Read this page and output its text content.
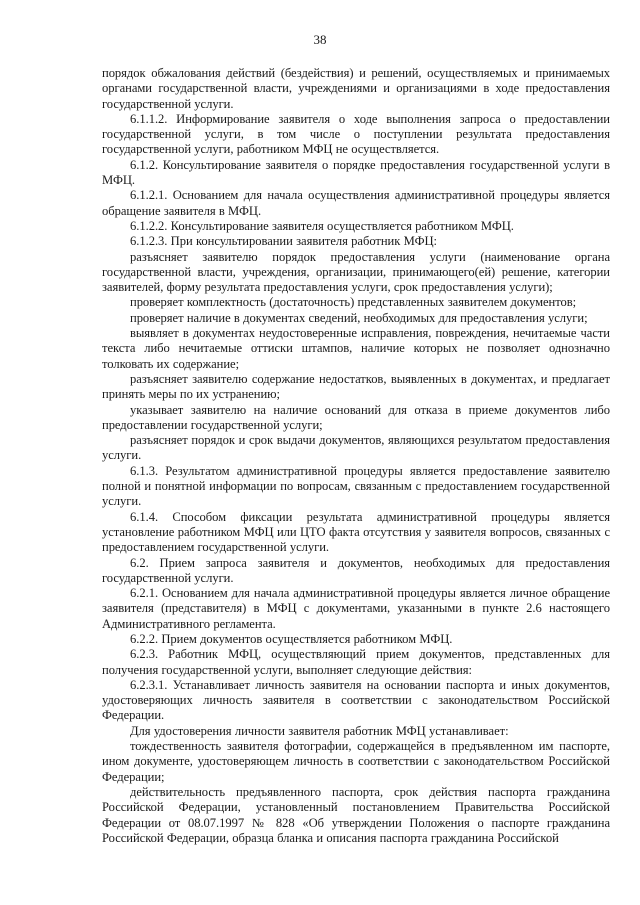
38

порядок обжалования действий (бездействия) и решений, осуществляемых и принимаемых органами государственной власти, учреждениями и организациями в ходе предоставления государственной услуги.

6.1.1.2. Информирование заявителя о ходе выполнения запроса о предоставлении государственной услуги, в том числе о поступлении результата предоставления государственной услуги, работником МФЦ не осуществляется.

6.1.2. Консультирование заявителя о порядке предоставления государственной услуги в МФЦ.

6.1.2.1. Основанием для начала осуществления административной процедуры является обращение заявителя в МФЦ.

6.1.2.2. Консультирование заявителя осуществляется работником МФЦ.

6.1.2.3. При консультировании заявителя работник МФЦ:

разъясняет заявителю порядок предоставления услуги (наименование органа государственной власти, учреждения, организации, принимающего(ей) решение, категории заявителей, форму результата предоставления услуги, срок предоставления услуги);

проверяет комплектность (достаточность) представленных заявителем документов;

проверяет наличие в документах сведений, необходимых для предоставления услуги;

выявляет в документах неудостоверенные исправления, повреждения, нечитаемые части текста либо нечитаемые оттиски штампов, наличие которых не позволяет однозначно толковать их содержание;

разъясняет заявителю содержание недостатков, выявленных в документах, и предлагает принять меры по их устранению;

указывает заявителю на наличие оснований для отказа в приеме документов либо предоставлении государственной услуги;

разъясняет порядок и срок выдачи документов, являющихся результатом предоставления услуги.

6.1.3. Результатом административной процедуры является предоставление заявителю полной и понятной информации по вопросам, связанным с предоставлением государственной услуги.

6.1.4. Способом фиксации результата административной процедуры является установление работником МФЦ или ЦТО факта отсутствия у заявителя вопросов, связанных с предоставлением государственной услуги.

6.2. Прием запроса заявителя и документов, необходимых для предоставления государственной услуги.

6.2.1. Основанием для начала административной процедуры является личное обращение заявителя (представителя) в МФЦ с документами, указанными в пункте 2.6 настоящего Административного регламента.

6.2.2. Прием документов осуществляется работником МФЦ.

6.2.3. Работник МФЦ, осуществляющий прием документов, представленных для получения государственной услуги, выполняет следующие действия:

6.2.3.1. Устанавливает личность заявителя на основании паспорта и иных документов, удостоверяющих личность заявителя в соответствии с законодательством Российской Федерации.

Для удостоверения личности заявителя работник МФЦ устанавливает:

тождественность заявителя фотографии, содержащейся в предъявленном им паспорте, ином документе, удостоверяющем личность в соответствии с законодательством Российской Федерации;

действительность предъявленного паспорта, срок действия паспорта гражданина Российской Федерации, установленный постановлением Правительства Российской Федерации от 08.07.1997 № 828 «Об утверждении Положения о паспорте гражданина Российской Федерации, образца бланка и описания паспорта гражданина Российской
